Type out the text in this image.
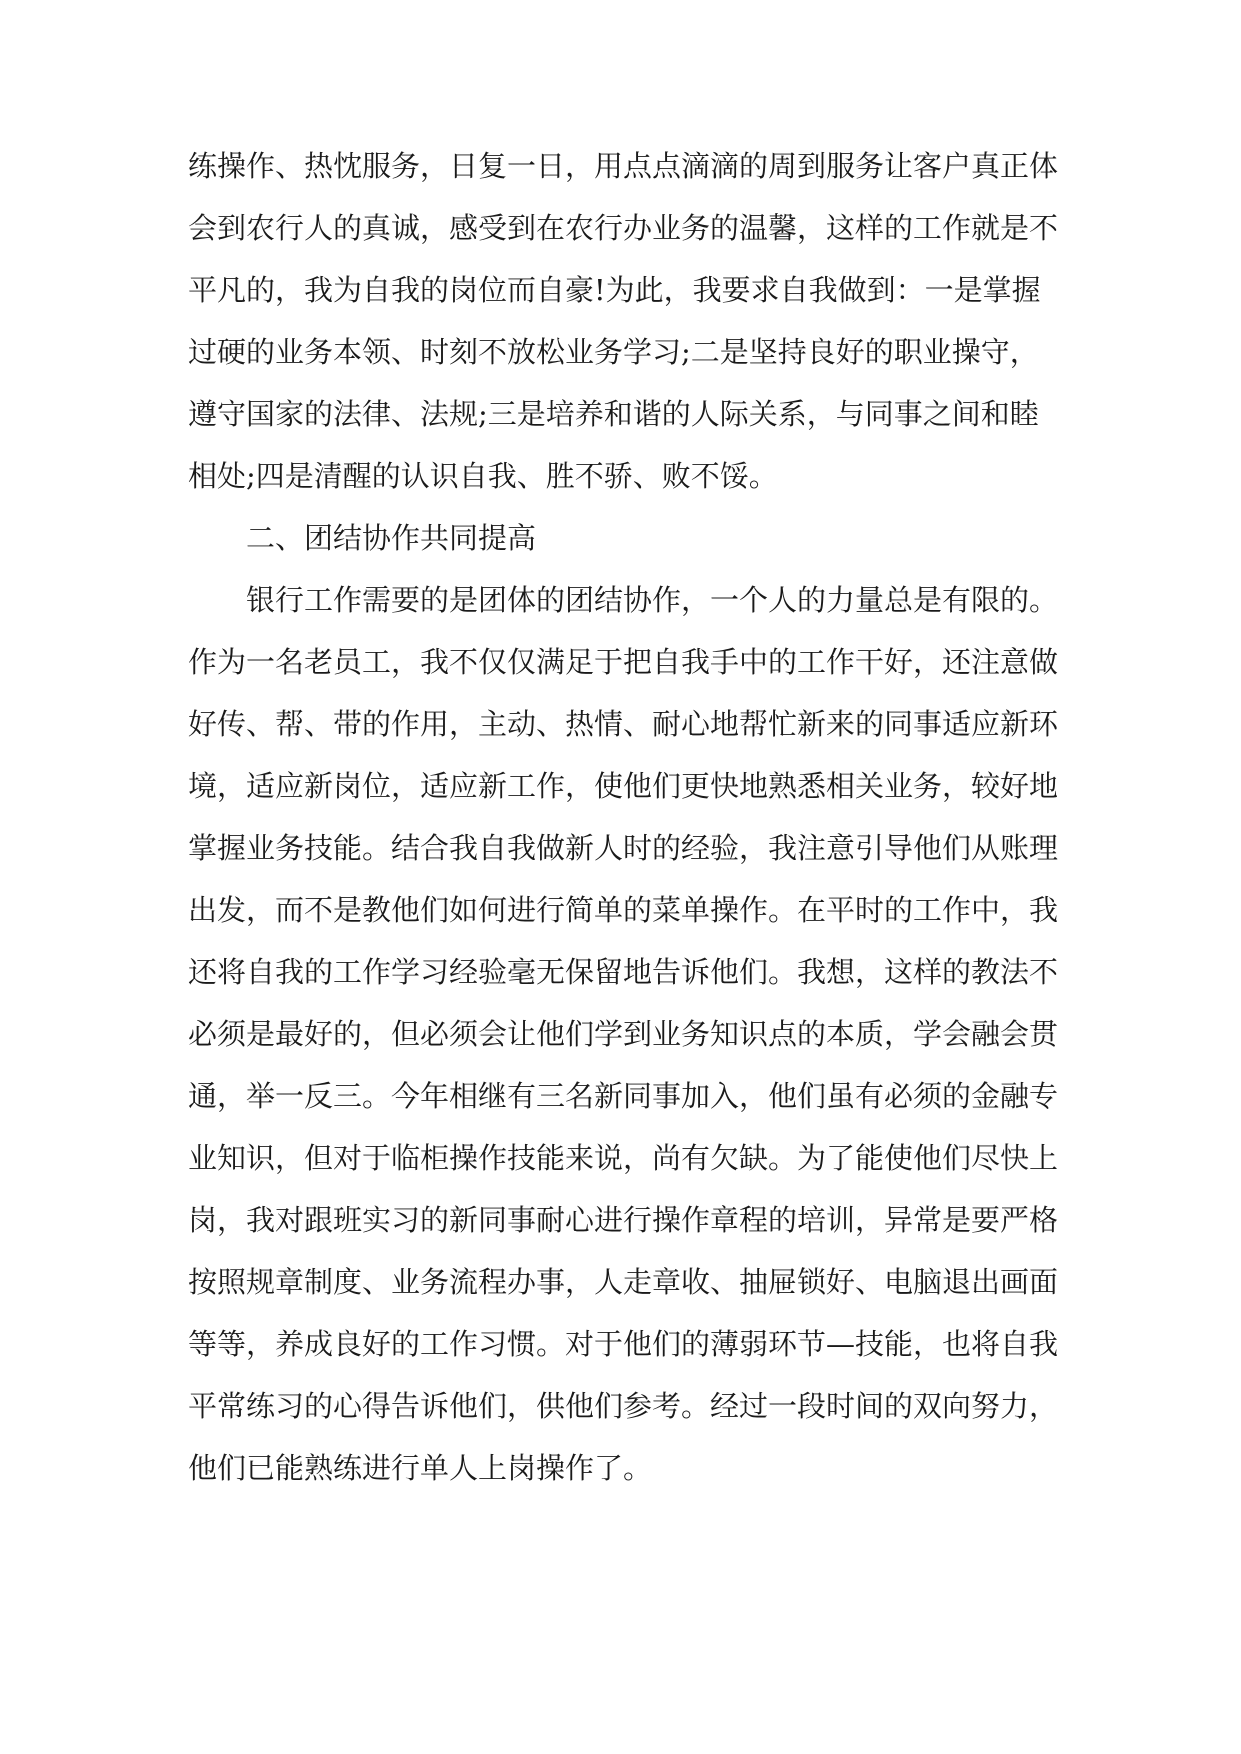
练操作、热忱服务，日复一日，用点点滴滴的周到服务让客户真正体
会到农行人的真诚，感受到在农行办业务的温馨，这样的工作就是不
平凡的，我为自我的岗位而自豪!为此，我要求自我做到：一是掌握
过硬的业务本领、时刻不放松业务学习;二是坚持良好的职业操守，
遵守国家的法律、法规;三是培养和谐的人际关系，与同事之间和睦
相处;四是清醒的认识自我、胜不骄、败不馁。
二、团结协作共同提高
银行工作需要的是团体的团结协作，一个人的力量总是有限的。
作为一名老员工，我不仅仅满足于把自我手中的工作干好，还注意做
好传、帮、带的作用，主动、热情、耐心地帮忙新来的同事适应新环
境，适应新岗位，适应新工作，使他们更快地熟悉相关业务，较好地
掌握业务技能。结合我自我做新人时的经验，我注意引导他们从账理
出发，而不是教他们如何进行简单的菜单操作。在平时的工作中，我
还将自我的工作学习经验毫无保留地告诉他们。我想，这样的教法不
必须是最好的，但必须会让他们学到业务知识点的本质，学会融会贯
通，举一反三。今年相继有三名新同事加入，他们虽有必须的金融专
业知识，但对于临柜操作技能来说，尚有欠缺。为了能使他们尽快上
岗，我对跟班实习的新同事耐心进行操作章程的培训，异常是要严格
按照规章制度、业务流程办事，人走章收、抽屉锁好、电脑退出画面
等等，养成良好的工作习惯。对于他们的薄弱环节—技能，也将自我
平常练习的心得告诉他们，供他们参考。经过一段时间的双向努力，
他们已能熟练进行单人上岗操作了。
